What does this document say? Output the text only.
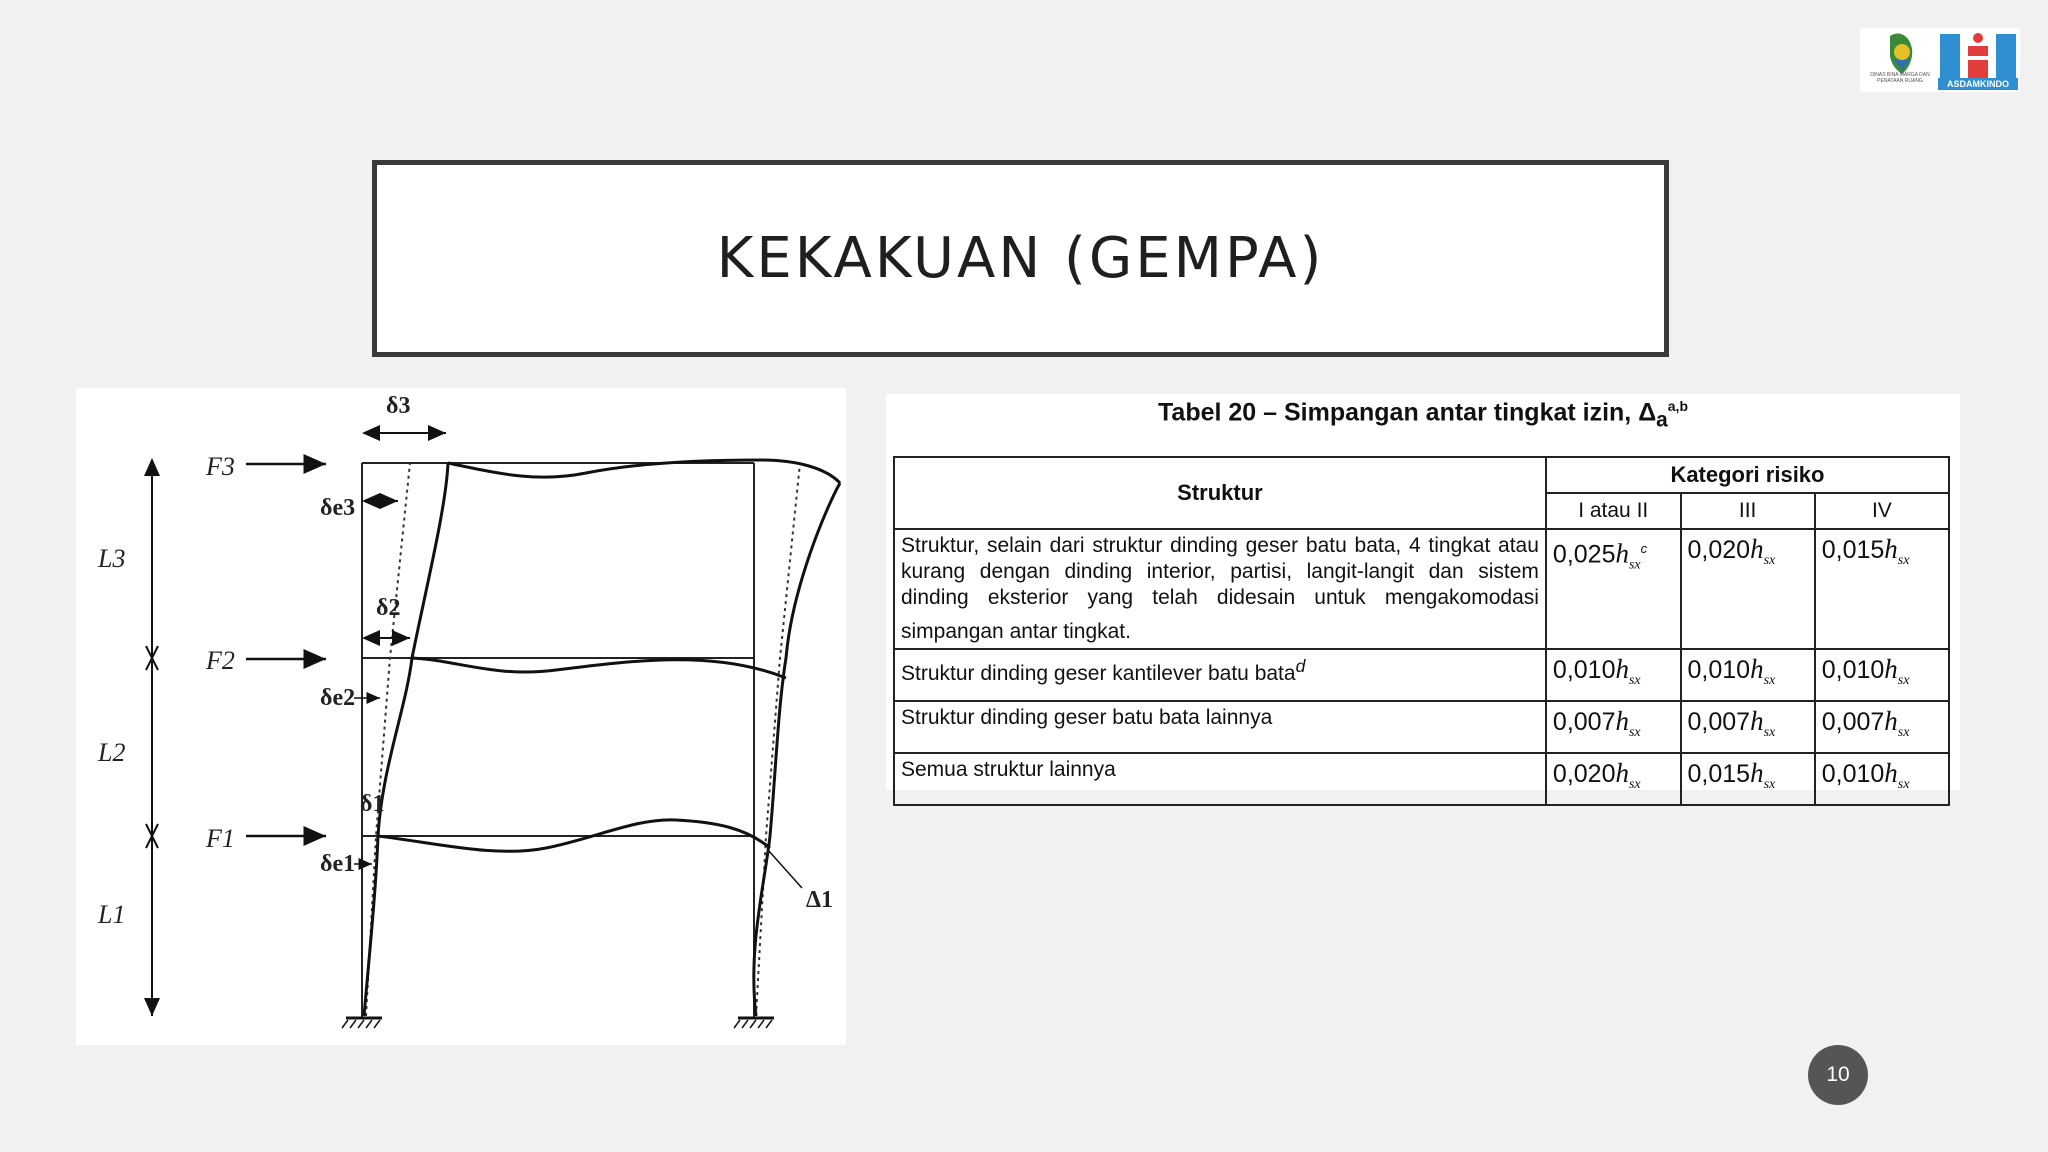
DINAS BINA MARGA DAN PENATAAN RUANG	ASDAMKINDO
KEKAKUAN (GEMPA)
F3
F2
F1
L3
L2
L1
δ3
δe3
δ2
δe2
δ1
δe1
Δ1
Tabel 20 – Simpangan antar tingkat izin, $\Delta_a^{a,b}$
Struktur	Kategori risiko		
	I atau II	III	IV
Struktur, selain dari struktur dinding geser batu bata, 4 tingkat atau kurang dengan dinding interior, partisi, langit-langit dan sistem dinding eksterior yang telah didesain untuk mengakomodasi simpangan antar tingkat.	$0,025h_{sx}^c$	$0,020h_{sx}$	$0,015h_{sx}$
Struktur dinding geser kantilever batu bata$^d$	$0,010h_{sx}$	$0,010h_{sx}$	$0,010h_{sx}$
Struktur dinding geser batu bata lainnya	$0,007h_{sx}$	$0,007h_{sx}$	$0,007h_{sx}$
Semua struktur lainnya	$0,020h_{sx}$	$0,015h_{sx}$	$0,010h_{sx}$
10
